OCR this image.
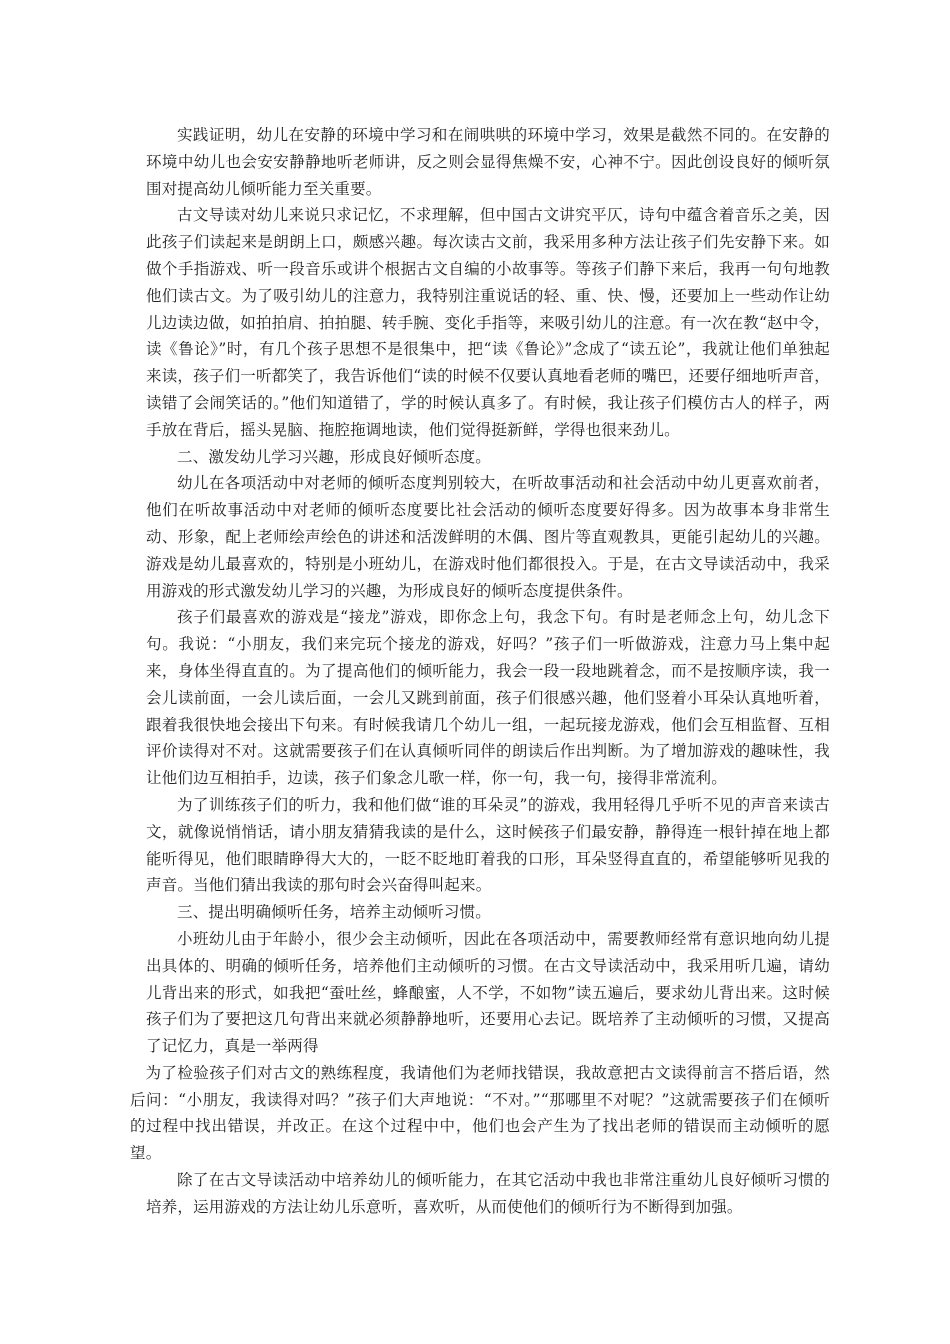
实践证明，幼儿在安静的环境中学习和在闹哄哄的环境中学习，效果是截然不同的。在安静的环境中幼儿也会安安静静地听老师讲，反之则会显得焦燥不安，心神不宁。因此创设良好的倾听氛围对提高幼儿倾听能力至关重要。

古文导读对幼儿来说只求记忆，不求理解，但中国古文讲究平仄，诗句中蕴含着音乐之美，因此孩子们读起来是朗朗上口，颇感兴趣。每次读古文前，我采用多种方法让孩子们先安静下来。如做个手指游戏、听一段音乐或讲个根据古文自编的小故事等。等孩子们静下来后，我再一句句地教他们读古文。为了吸引幼儿的注意力，我特别注重说话的轻、重、快、慢，还要加上一些动作让幼儿边读边做，如拍拍肩、拍拍腿、转手腕、变化手指等，来吸引幼儿的注意。有一次在教“赵中令，读《鲁论》”时，有几个孩子思想不是很集中，把“读《鲁论》”念成了“读五论”，我就让他们单独起来读，孩子们一听都笑了，我告诉他们“读的时候不仅要认真地看老师的嘴巴，还要仔细地听声音，读错了会闹笑话的。”他们知道错了，学的时候认真多了。有时候，我让孩子们模仿古人的样子，两手放在背后，摇头晃脑、拖腔拖调地读，他们觉得挺新鲜，学得也很来劲儿。

二、激发幼儿学习兴趣，形成良好倾听态度。

幼儿在各项活动中对老师的倾听态度判别较大，在听故事活动和社会活动中幼儿更喜欢前者，他们在听故事活动中对老师的倾听态度要比社会活动的倾听态度要好得多。因为故事本身非常生动、形象，配上老师绘声绘色的讲述和活泼鲜明的木偶、图片等直观教具，更能引起幼儿的兴趣。游戏是幼儿最喜欢的，特别是小班幼儿，在游戏时他们都很投入。于是，在古文导读活动中，我采用游戏的形式激发幼儿学习的兴趣，为形成良好的倾听态度提供条件。

孩子们最喜欢的游戏是“接龙”游戏，即你念上句，我念下句。有时是老师念上句，幼儿念下句。我说：“小朋友，我们来完玩个接龙的游戏，好吗？”孩子们一听做游戏，注意力马上集中起来，身体坐得直直的。为了提高他们的倾听能力，我会一段一段地跳着念，而不是按顺序读，我一会儿读前面，一会儿读后面，一会儿又跳到前面，孩子们很感兴趣，他们竖着小耳朵认真地听着，跟着我很快地会接出下句来。有时候我请几个幼儿一组，一起玩接龙游戏，他们会互相监督、互相评价读得对不对。这就需要孩子们在认真倾听同伴的朗读后作出判断。为了增加游戏的趣味性，我让他们边互相拍手，边读，孩子们象念儿歌一样，你一句，我一句，接得非常流利。

为了训练孩子们的听力，我和他们做“谁的耳朵灵”的游戏，我用轻得几乎听不见的声音来读古文，就像说悄悄话，请小朋友猜猜我读的是什么，这时候孩子们最安静，静得连一根针掉在地上都能听得见，他们眼睛睁得大大的，一眨不眨地盯着我的口形，耳朵竖得直直的，希望能够听见我的声音。当他们猜出我读的那句时会兴奋得叫起来。

三、提出明确倾听任务，培养主动倾听习惯。

小班幼儿由于年龄小，很少会主动倾听，因此在各项活动中，需要教师经常有意识地向幼儿提出具体的、明确的倾听任务，培养他们主动倾听的习惯。在古文导读活动中，我采用听几遍，请幼儿背出来的形式，如我把“蚕吐丝，蜂酿蜜，人不学，不如物”读五遍后，要求幼儿背出来。这时候孩子们为了要把这几句背出来就必须静静地听，还要用心去记。既培养了主动倾听的习惯，又提高了记忆力，真是一举两得

为了检验孩子们对古文的熟练程度，我请他们为老师找错误，我故意把古文读得前言不搭后语，然后问：“小朋友，我读得对吗？”孩子们大声地说：“不对。”“那哪里不对呢？”这就需要孩子们在倾听的过程中找出错误，并改正。在这个过程中中，他们也会产生为了找出老师的错误而主动倾听的愿望。

除了在古文导读活动中培养幼儿的倾听能力，在其它活动中我也非常注重幼儿良好倾听习惯的培养，运用游戏的方法让幼儿乐意听，喜欢听，从而使他们的倾听行为不断得到加强。
